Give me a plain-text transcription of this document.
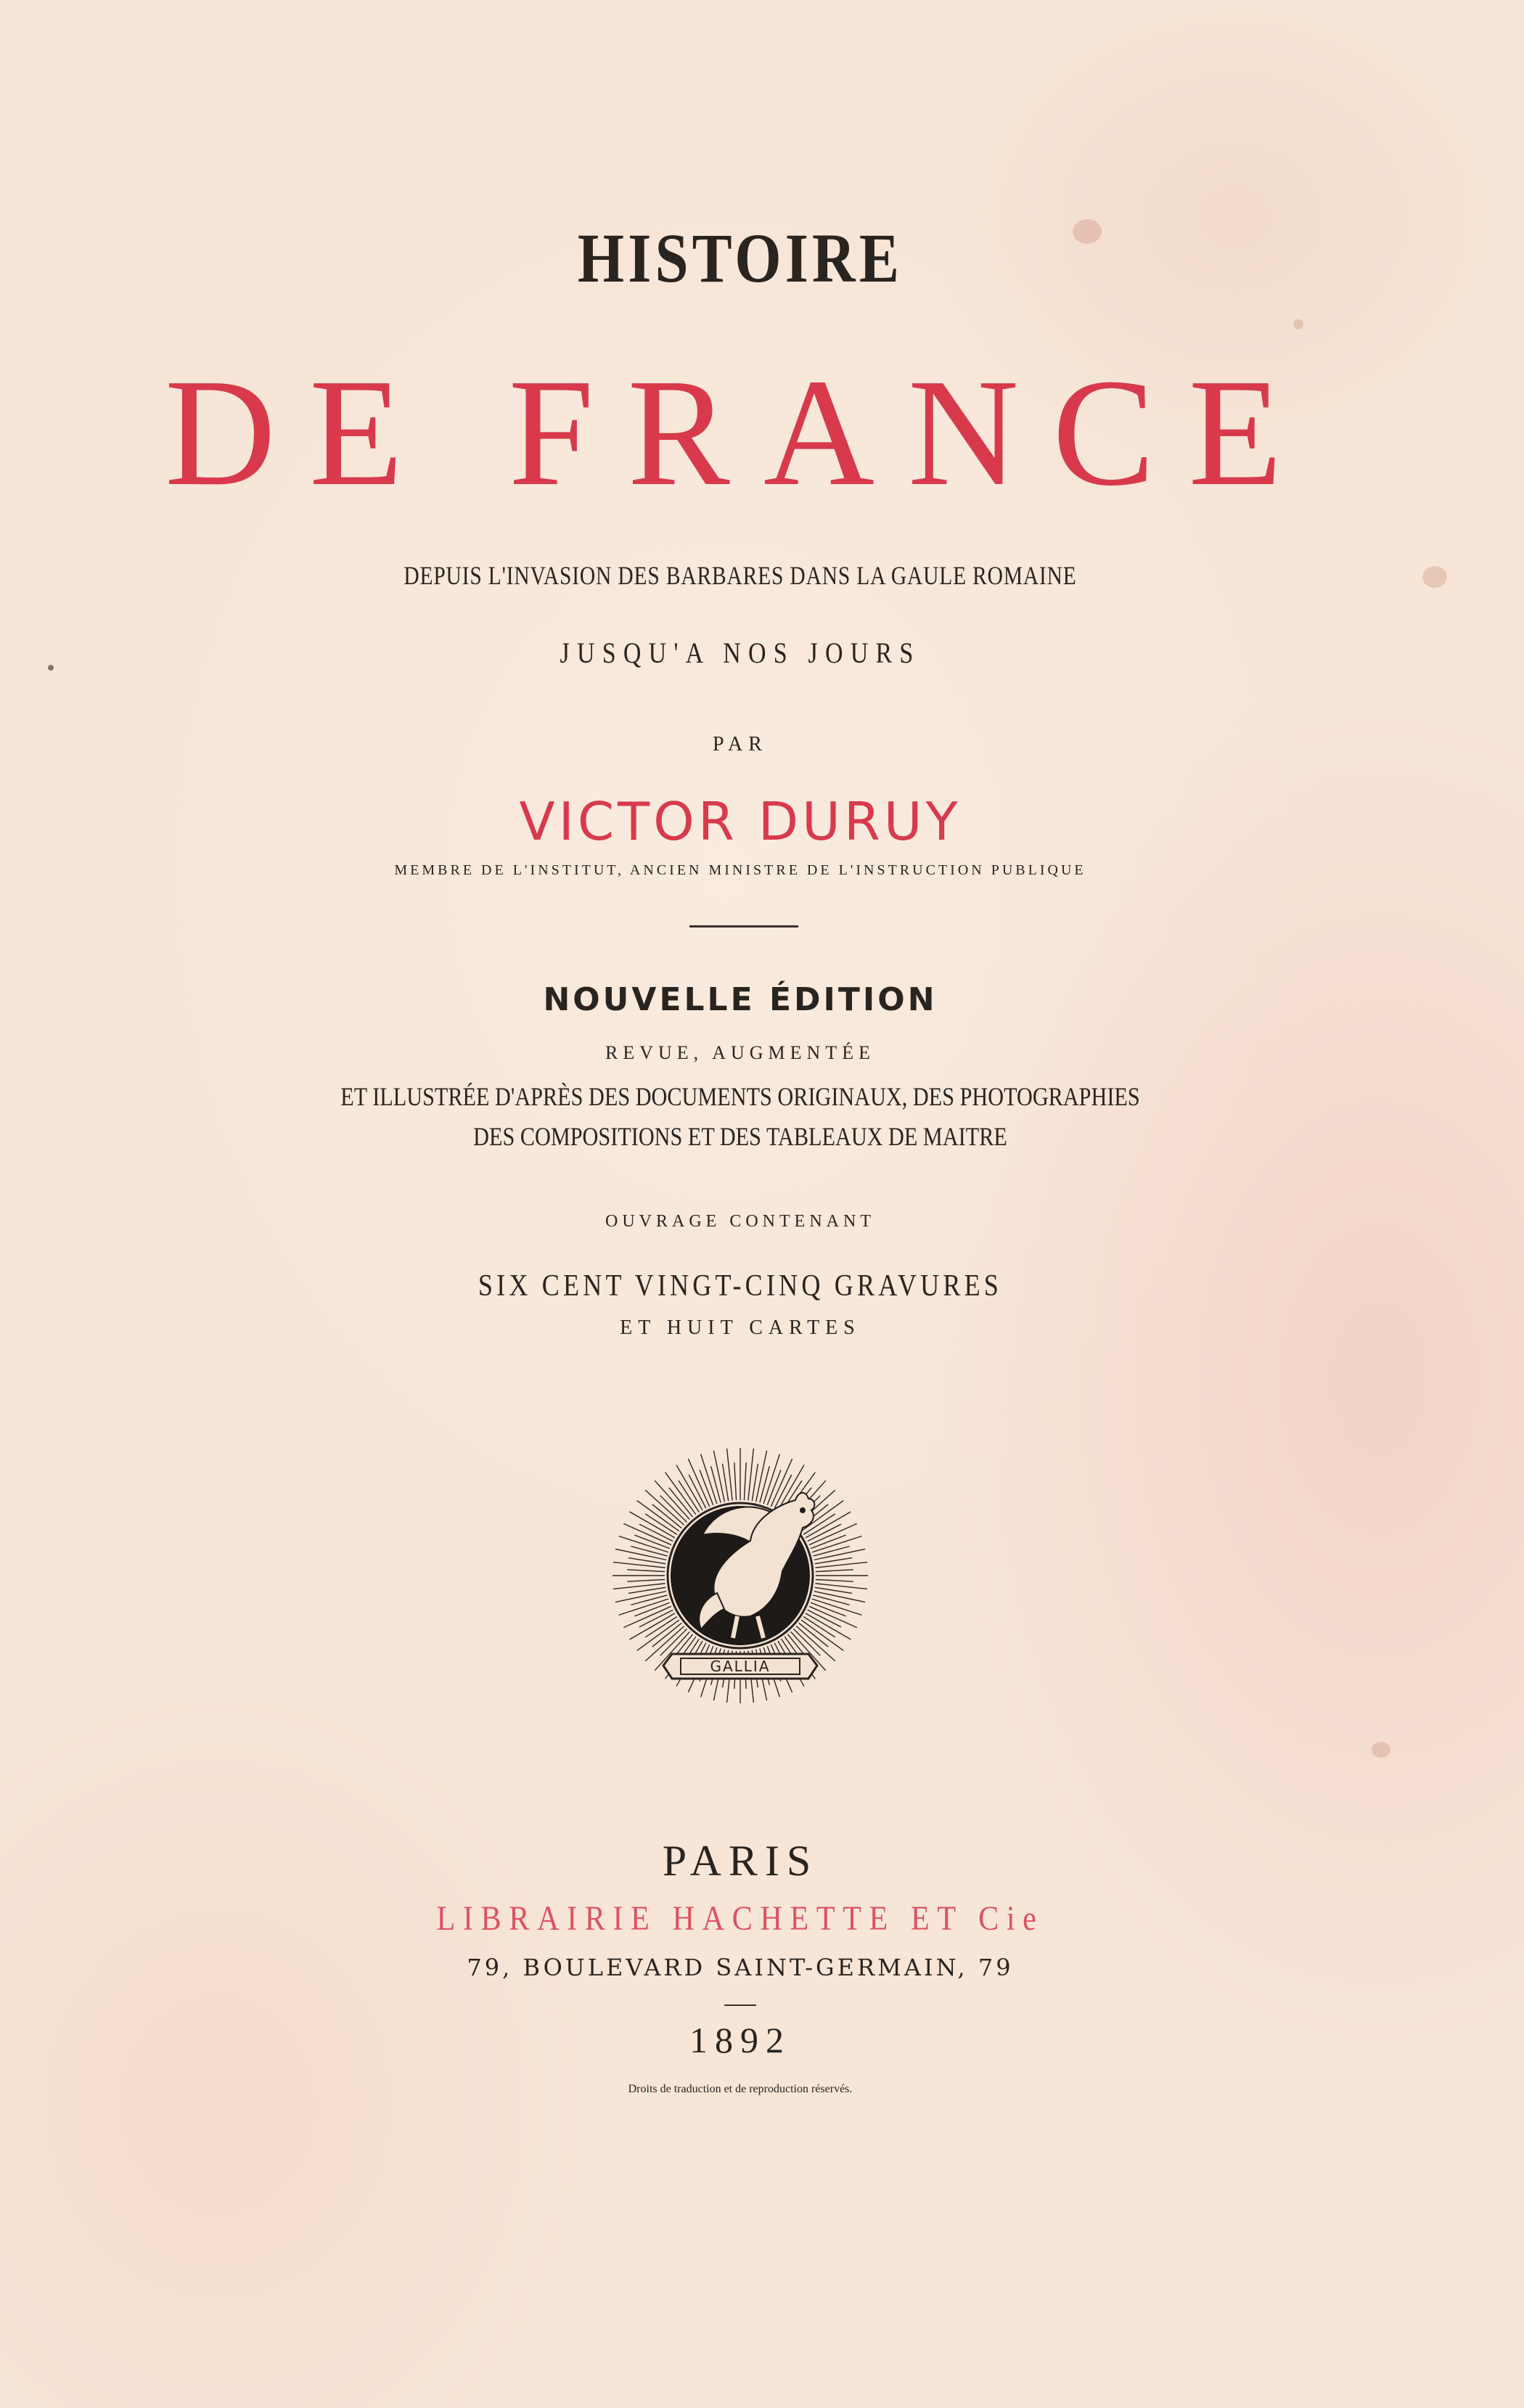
HISTOIRE
DE FRANCE
DEPUIS L'INVASION DES BARBARES DANS LA GAULE ROMAINE
JUSQU'A NOS JOURS
PAR
VICTOR DURUY
MEMBRE DE L'INSTITUT, ANCIEN MINISTRE DE L'INSTRUCTION PUBLIQUE
NOUVELLE ÉDITION
REVUE, AUGMENTÉE
ET ILLUSTRÉE D'APRÈS DES DOCUMENTS ORIGINAUX, DES PHOTOGRAPHIES
DES COMPOSITIONS ET DES TABLEAUX DE MAITRE
OUVRAGE CONTENANT
SIX CENT VINGT-CINQ GRAVURES
ET HUIT CARTES
GALLIA
PARIS
LIBRAIRIE HACHETTE ET Cie
79, BOULEVARD SAINT-GERMAIN, 79
1892
Droits de traduction et de reproduction réservés.
